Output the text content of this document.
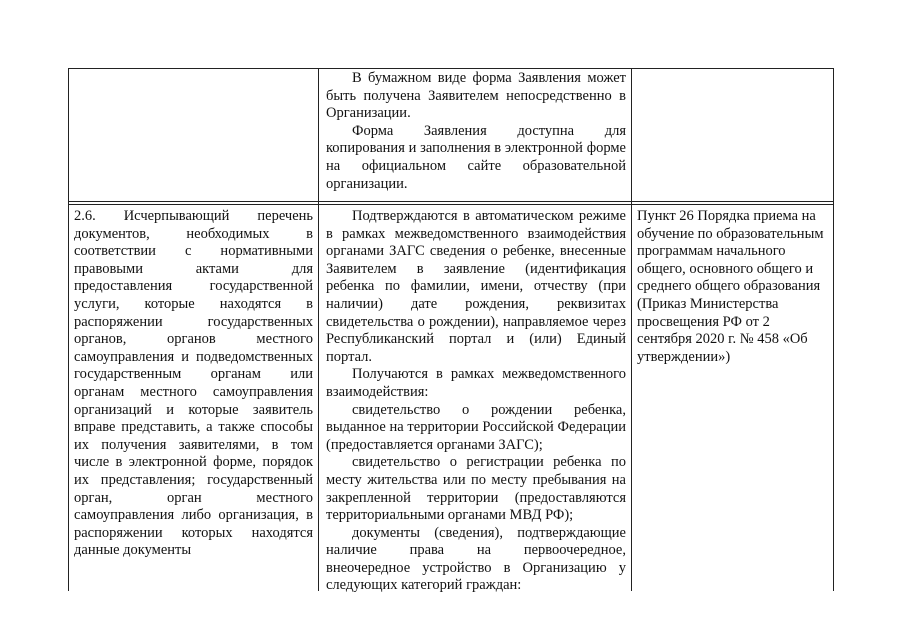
В бумажном виде форма Заявления может быть получена Заявителем непосредственно в Организации.

Форма Заявления доступна для копирования и заполнения в электронной форме на официальном сайте образовательной организации.

2.6. Исчерпывающий перечень документов, необходимых в соответствии с нормативными правовыми актами для предоставления государственной услуги, которые находятся в распоряжении государственных органов, органов местного самоуправления и подведомственных государственным органам или органам местного самоуправления организаций и которые заявитель вправе представить, а также способы их получения заявителями, в том числе в электронной форме, порядок их представления; государственный орган, орган местного самоуправления либо организация, в распоряжении которых находятся данные документы

Подтверждаются в автоматическом режиме в рамках межведомственного взаимодействия органами ЗАГС сведения о ребенке, внесенные Заявителем в заявление (идентификация ребенка по фамилии, имени, отчеству (при наличии) дате рождения, реквизитах свидетельства о рождении), направляемое через Республиканский портал и (или) Единый портал.

Получаются в рамках межведомственного взаимодействия:

свидетельство о рождении ребенка, выданное на территории Российской Федерации (предоставляется органами ЗАГС);

свидетельство о регистрации ребенка по месту жительства или по месту пребывания на закрепленной территории (предоставляются территориальными органами МВД РФ);

документы (сведения), подтверждающие наличие права на первоочередное, внеочередное устройство в Организацию у следующих категорий граждан:

Пункт 26 Порядка приема на обучение по образовательным программам начального общего, основного общего и среднего общего образования (Приказ Министерства просвещения РФ от 2 сентября 2020 г. № 458 «Об утверждении»)
